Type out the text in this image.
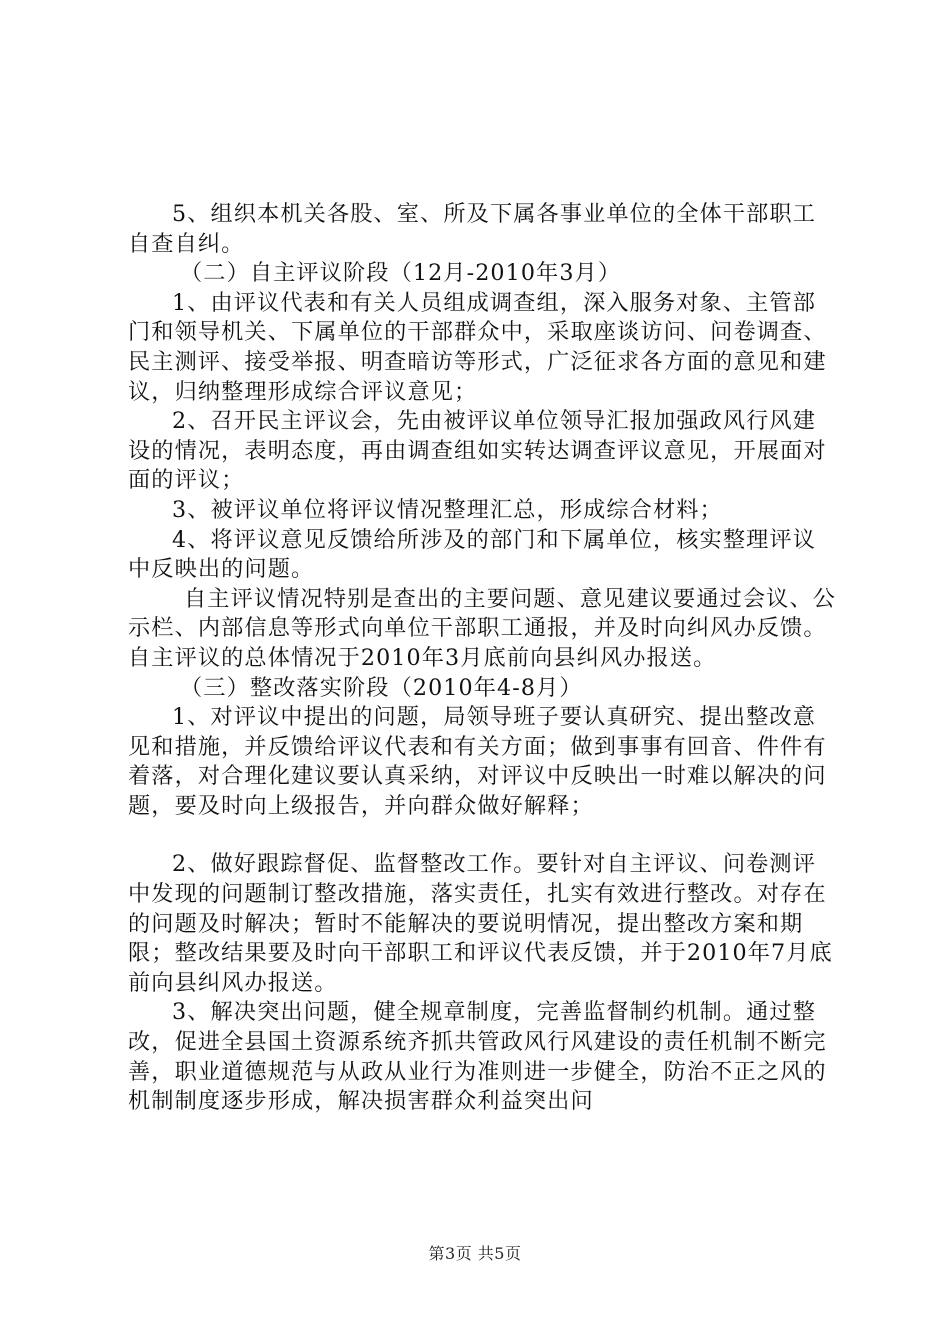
5、组织本机关各股、室、所及下属各事业单位的全体干部职工自查自纠。

（二）自主评议阶段（12月-2010年3月）

1、由评议代表和有关人员组成调查组，深入服务对象、主管部门和领导机关、下属单位的干部群众中，采取座谈访问、问卷调查、民主测评、接受举报、明查暗访等形式，广泛征求各方面的意见和建议，归纳整理形成综合评议意见；

2、召开民主评议会，先由被评议单位领导汇报加强政风行风建设的情况，表明态度，再由调查组如实转达调查评议意见，开展面对面的评议；

3、被评议单位将评议情况整理汇总，形成综合材料；

4、将评议意见反馈给所涉及的部门和下属单位，核实整理评议中反映出的问题。

自主评议情况特别是查出的主要问题、意见建议要通过会议、公示栏、内部信息等形式向单位干部职工通报，并及时向纠风办反馈。自主评议的总体情况于2010年3月底前向县纠风办报送。

（三）整改落实阶段（2010年4-8月）

1、对评议中提出的问题，局领导班子要认真研究、提出整改意见和措施，并反馈给评议代表和有关方面；做到事事有回音、件件有着落，对合理化建议要认真采纳，对评议中反映出一时难以解决的问题，要及时向上级报告，并向群众做好解释；

2、做好跟踪督促、监督整改工作。要针对自主评议、问卷测评中发现的问题制订整改措施，落实责任，扎实有效进行整改。对存在的问题及时解决；暂时不能解决的要说明情况，提出整改方案和期限；整改结果要及时向干部职工和评议代表反馈，并于2010年7月底前向县纠风办报送。

3、解决突出问题，健全规章制度，完善监督制约机制。通过整改，促进全县国土资源系统齐抓共管政风行风建设的责任机制不断完善，职业道德规范与从政从业行为准则进一步健全，防治不正之风的机制制度逐步形成，解决损害群众利益突出问

第3页 共5页
